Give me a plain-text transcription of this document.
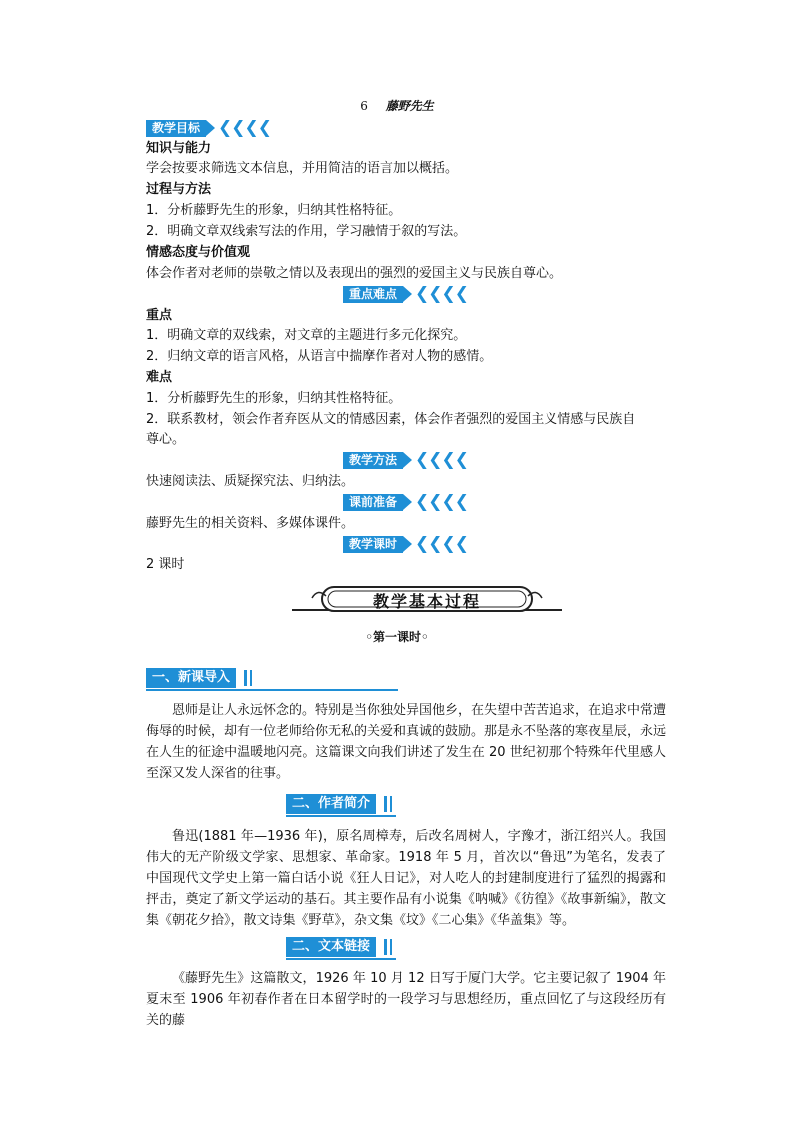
6 藤野先生
教学目标	❮❮❮❮
知识与能力
学会按要求筛选文本信息，并用简洁的语言加以概括。
过程与方法
1．分析藤野先生的形象，归纳其性格特征。
2．明确文章双线索写法的作用，学习融情于叙的写法。
情感态度与价值观
体会作者对老师的崇敬之情以及表现出的强烈的爱国主义与民族自尊心。
重点难点	❮❮❮❮
重点
1．明确文章的双线索，对文章的主题进行多元化探究。
2．归纳文章的语言风格，从语言中揣摩作者对人物的感情。
难点
1．分析藤野先生的形象，归纳其性格特征。
2．联系教材，领会作者弃医从文的情感因素，体会作者强烈的爱国主义情感与民族自
尊心。
教学方法	❮❮❮❮
快速阅读法、质疑探究法、归纳法。
课前准备	❮❮❮❮
藤野先生的相关资料、多媒体课件。
教学课时	❮❮❮❮
2 课时
教学基本过程
◦第一课时◦
一、新课导入

恩师是让人永远怀念的。特别是当你独处异国他乡，在失望中苦苦追求，在追求中常遭侮辱的时候，却有一位老师给你无私的关爱和真诚的鼓励。那是永不坠落的寒夜星辰，永远在人生的征途中温暖地闪亮。这篇课文向我们讲述了发生在 20 世纪初那个特殊年代里感人至深又发人深省的往事。

二、作者简介

鲁迅(1881 年—1936 年)，原名周樟寿，后改名周树人，字豫才，浙江绍兴人。我国伟大的无产阶级文学家、思想家、革命家。1918 年 5 月，首次以“鲁迅”为笔名，发表了中国现代文学史上第一篇白话小说《狂人日记》，对人吃人的封建制度进行了猛烈的揭露和抨击，奠定了新文学运动的基石。其主要作品有小说集《呐喊》《彷徨》《故事新编》，散文集《朝花夕拾》，散文诗集《野草》，杂文集《坟》《二心集》《华盖集》等。

二、文本链接

《藤野先生》这篇散文，1926 年 10 月 12 日写于厦门大学。它主要记叙了 1904 年夏末至 1906 年初春作者在日本留学时的一段学习与思想经历，重点回忆了与这段经历有关的藤
